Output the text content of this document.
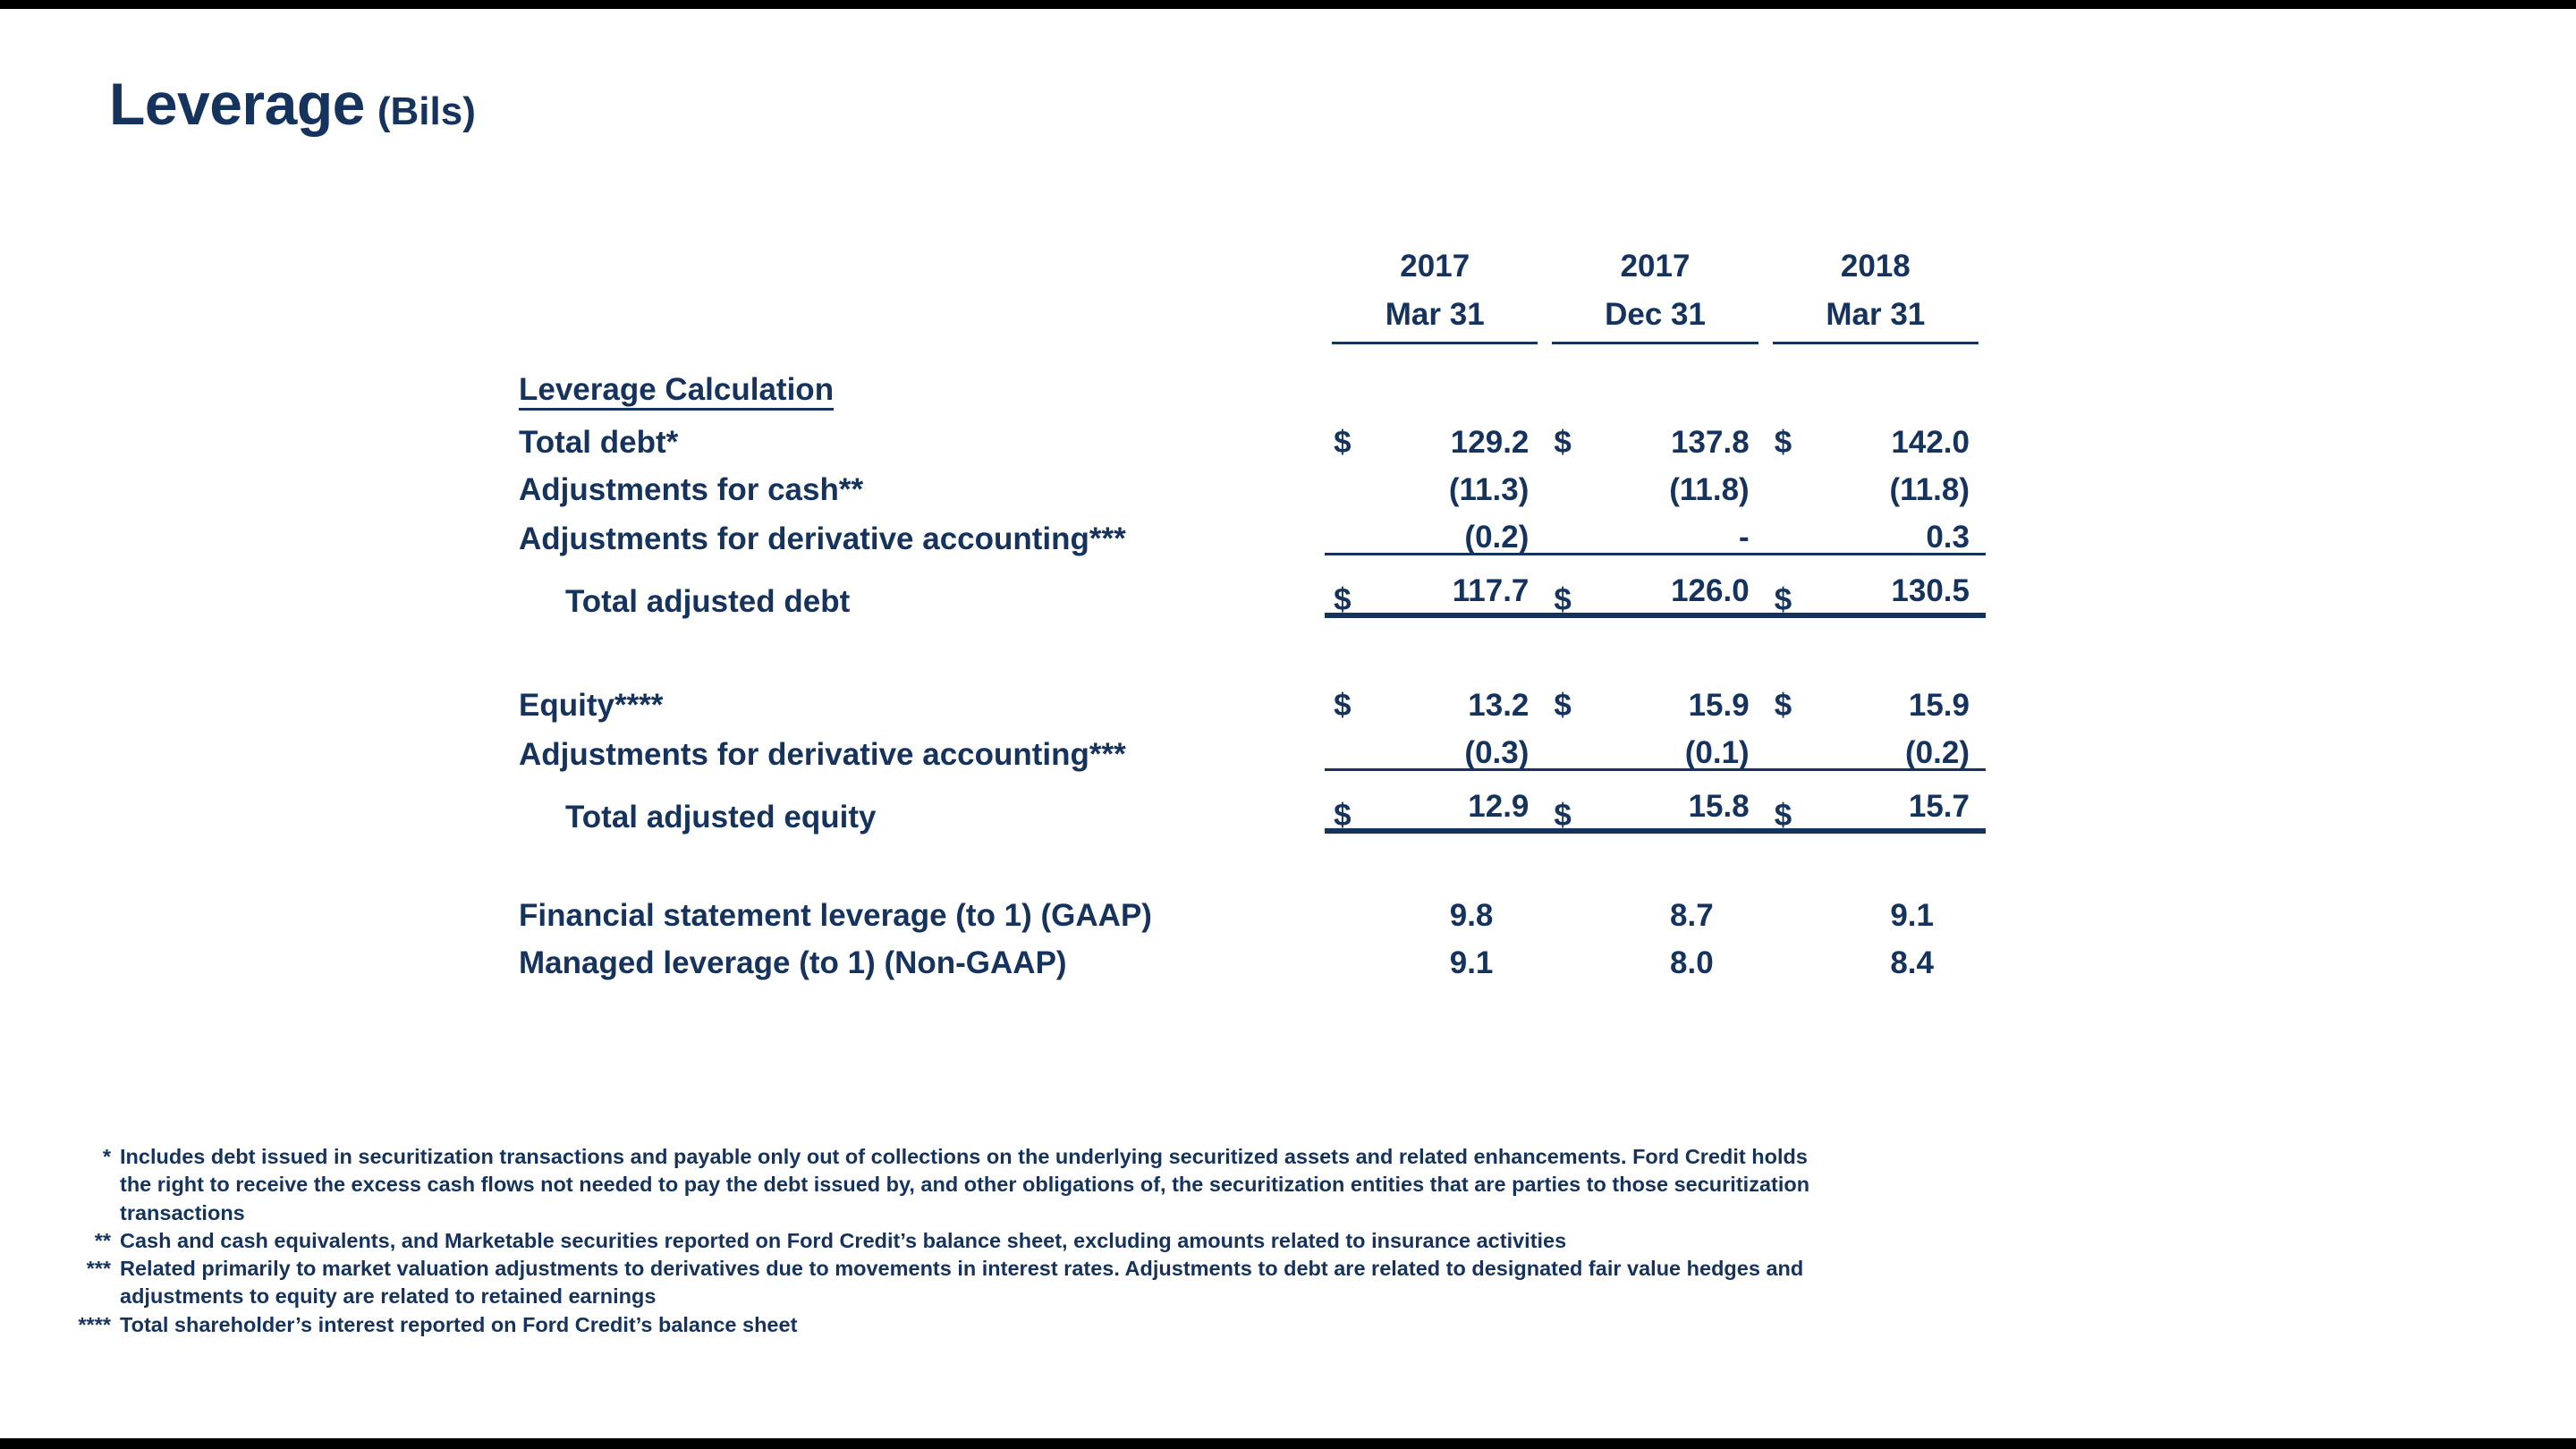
Leverage (Bils)
	2017	2017	2018
	Mar 31	Dec 31	Mar 31

Leverage Calculation			
Total debt*	$ 129.2	$ 137.8	$ 142.0
Adjustments for cash**	(11.3)	(11.8)	(11.8)
Adjustments for derivative accounting***	(0.2)	-	0.3
Total adjusted debt	$ 117.7	$ 126.0	$ 130.5

Equity****	$ 13.2	$ 15.9	$ 15.9
Adjustments for derivative accounting***	(0.3)	(0.1)	(0.2)
Total adjusted equity	$ 12.9	$ 15.8	$ 15.7

Financial statement leverage (to 1) (GAAP)	9.8	8.7	9.1
Managed leverage (to 1) (Non-GAAP)	9.1	8.0	8.4
* Includes debt issued in securitization transactions and payable only out of collections on the underlying securitized assets and related enhancements. Ford Credit holds
the right to receive the excess cash flows not needed to pay the debt issued by, and other obligations of, the securitization entities that are parties to those securitization
transactions
** Cash and cash equivalents, and Marketable securities reported on Ford Credit’s balance sheet, excluding amounts related to insurance activities
*** Related primarily to market valuation adjustments to derivatives due to movements in interest rates. Adjustments to debt are related to designated fair value hedges and
adjustments to equity are related to retained earnings
**** Total shareholder’s interest reported on Ford Credit’s balance sheet
